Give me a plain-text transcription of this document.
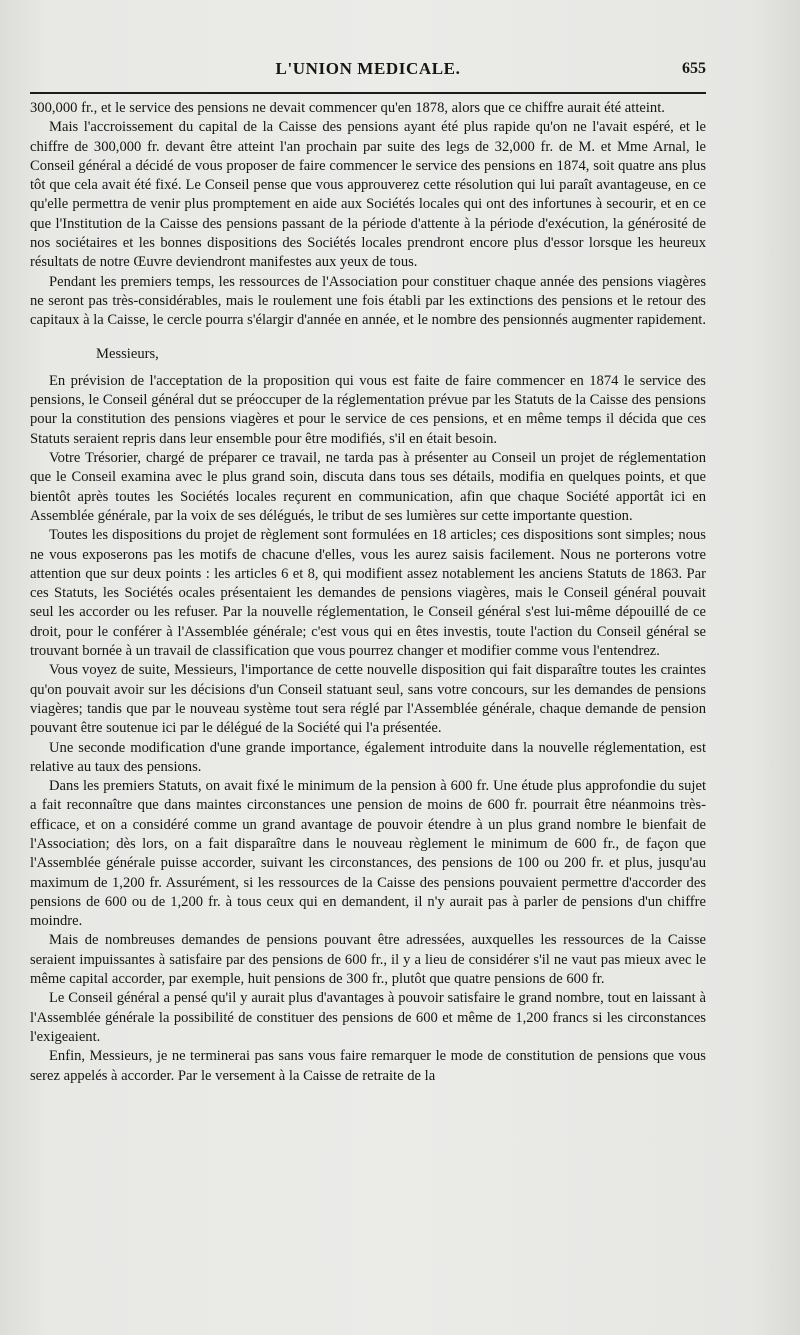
L'UNION MEDICALE.	655

300,000 fr., et le service des pensions ne devait commencer qu'en 1878, alors que ce chiffre aurait été atteint.

Mais l'accroissement du capital de la Caisse des pensions ayant été plus rapide qu'on ne l'avait espéré, et le chiffre de 300,000 fr. devant être atteint l'an prochain par suite des legs de 32,000 fr. de M. et Mme Arnal, le Conseil général a décidé de vous proposer de faire commencer le service des pensions en 1874, soit quatre ans plus tôt que cela avait été fixé. Le Conseil pense que vous approuverez cette résolution qui lui paraît avantageuse, en ce qu'elle permettra de venir plus promptement en aide aux Sociétés locales qui ont des infortunes à secourir, et en ce que l'Institution de la Caisse des pensions passant de la période d'attente à la période d'exécution, la générosité de nos sociétaires et les bonnes dispositions des Sociétés locales prendront encore plus d'essor lorsque les heureux résultats de notre Œuvre deviendront manifestes aux yeux de tous.

Pendant les premiers temps, les ressources de l'Association pour constituer chaque année des pensions viagères ne seront pas très-considérables, mais le roulement une fois établi par les extinctions des pensions et le retour des capitaux à la Caisse, le cercle pourra s'élargir d'année en année, et le nombre des pensionnés augmenter rapidement.

Messieurs,

En prévision de l'acceptation de la proposition qui vous est faite de faire commencer en 1874 le service des pensions, le Conseil général dut se préoccuper de la réglementation prévue par les Statuts de la Caisse des pensions pour la constitution des pensions viagères et pour le service de ces pensions, et en même temps il décida que ces Statuts seraient repris dans leur ensemble pour être modifiés, s'il en était besoin.

Votre Trésorier, chargé de préparer ce travail, ne tarda pas à présenter au Conseil un projet de réglementation que le Conseil examina avec le plus grand soin, discuta dans tous ses détails, modifia en quelques points, et que bientôt après toutes les Sociétés locales reçurent en communication, afin que chaque Société apportât ici en Assemblée générale, par la voix de ses délégués, le tribut de ses lumières sur cette importante question.

Toutes les dispositions du projet de règlement sont formulées en 18 articles; ces dispositions sont simples; nous ne vous exposerons pas les motifs de chacune d'elles, vous les aurez saisis facilement. Nous ne porterons votre attention que sur deux points : les articles 6 et 8, qui modifient assez notablement les anciens Statuts de 1863. Par ces Statuts, les Sociétés ocales présentaient les demandes de pensions viagères, mais le Conseil général pouvait seul les accorder ou les refuser. Par la nouvelle réglementation, le Conseil général s'est lui-même dépouillé de ce droit, pour le conférer à l'Assemblée générale; c'est vous qui en êtes investis, toute l'action du Conseil général se trouvant bornée à un travail de classification que vous pourrez changer et modifier comme vous l'entendrez.

Vous voyez de suite, Messieurs, l'importance de cette nouvelle disposition qui fait disparaître toutes les craintes qu'on pouvait avoir sur les décisions d'un Conseil statuant seul, sans votre concours, sur les demandes de pensions viagères; tandis que par le nouveau système tout sera réglé par l'Assemblée générale, chaque demande de pension pouvant être soutenue ici par le délégué de la Société qui l'a présentée.

Une seconde modification d'une grande importance, également introduite dans la nouvelle réglementation, est relative au taux des pensions.

Dans les premiers Statuts, on avait fixé le minimum de la pension à 600 fr. Une étude plus approfondie du sujet a fait reconnaître que dans maintes circonstances une pension de moins de 600 fr. pourrait être néanmoins très-efficace, et on a considéré comme un grand avantage de pouvoir étendre à un plus grand nombre le bienfait de l'Association; dès lors, on a fait disparaître dans le nouveau règlement le minimum de 600 fr., de façon que l'Assemblée générale puisse accorder, suivant les circonstances, des pensions de 100 ou 200 fr. et plus, jusqu'au maximum de 1,200 fr. Assurément, si les ressources de la Caisse des pensions pouvaient permettre d'accorder des pensions de 600 ou de 1,200 fr. à tous ceux qui en demandent, il n'y aurait pas à parler de pensions d'un chiffre moindre.

Mais de nombreuses demandes de pensions pouvant être adressées, auxquelles les ressources de la Caisse seraient impuissantes à satisfaire par des pensions de 600 fr., il y a lieu de considérer s'il ne vaut pas mieux avec le même capital accorder, par exemple, huit pensions de 300 fr., plutôt que quatre pensions de 600 fr.

Le Conseil général a pensé qu'il y aurait plus d'avantages à pouvoir satisfaire le grand nombre, tout en laissant à l'Assemblée générale la possibilité de constituer des pensions de 600 et même de 1,200 francs si les circonstances l'exigeaient.

Enfin, Messieurs, je ne terminerai pas sans vous faire remarquer le mode de constitution de pensions que vous serez appelés à accorder. Par le versement à la Caisse de retraite de la
